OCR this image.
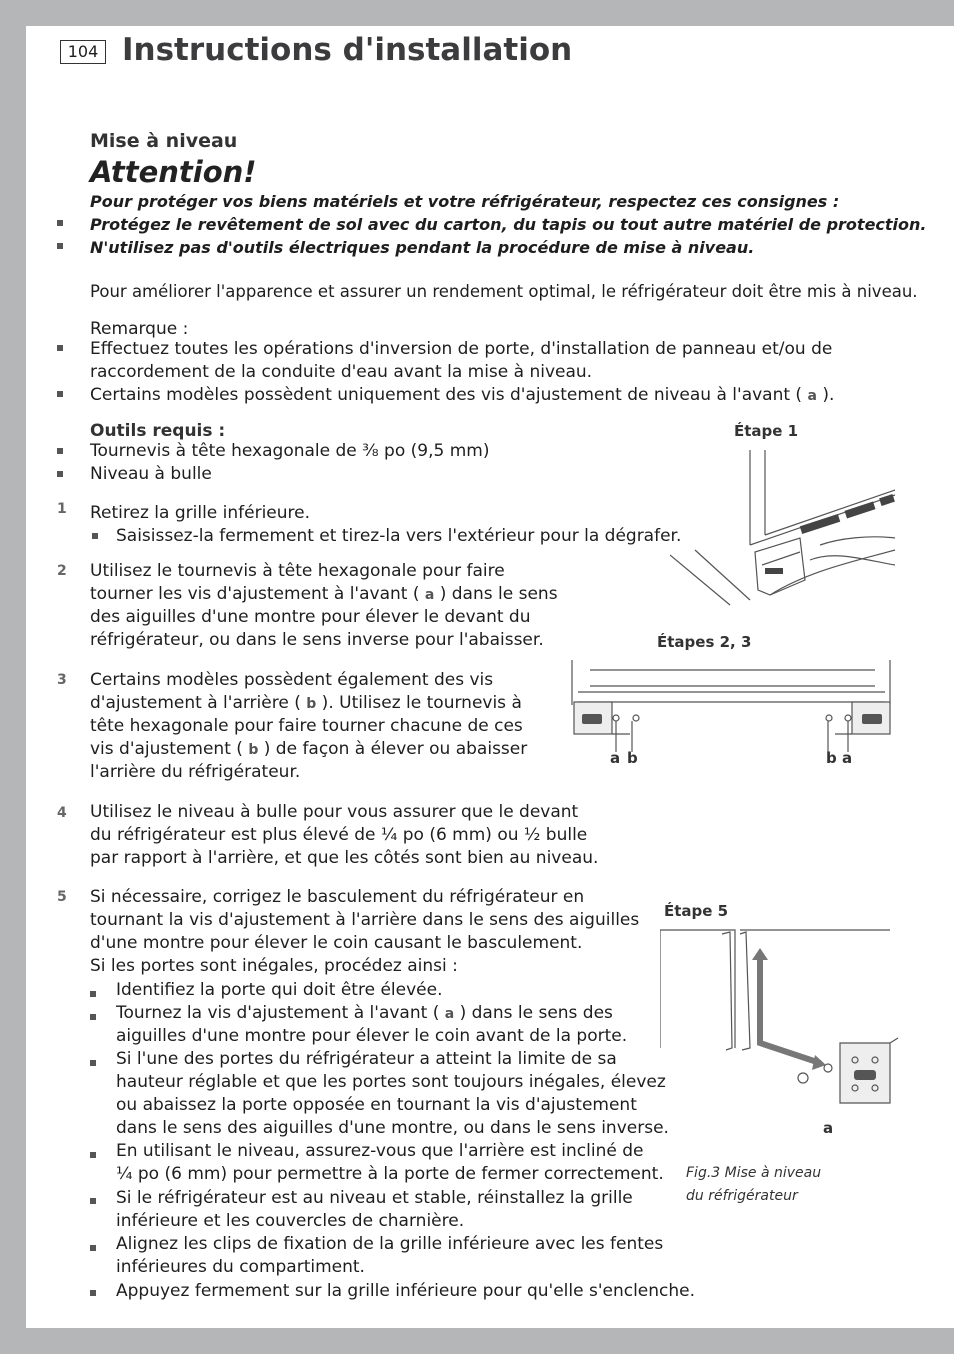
104 Instructions d'installation
Mise à niveau
Attention!
Pour protéger vos biens matériels et votre réfrigérateur, respectez ces consignes :
Protégez le revêtement de sol avec du carton, du tapis ou tout autre matériel de protection.
N'utilisez pas d'outils électriques pendant la procédure de mise à niveau.
Pour améliorer l'apparence et assurer un rendement optimal, le réfrigérateur doit être mis à niveau.
Remarque :
Effectuez toutes les opérations d'inversion de porte, d'installation de panneau et/ou de
raccordement de la conduite d'eau avant la mise à niveau.
Certains modèles possèdent uniquement des vis d'ajustement de niveau à l'avant ( a ).
Outils requis :
Tournevis à tête hexagonale de ⅜ po (9,5 mm)
Niveau à bulle
1 Retirez la grille inférieure.
Saisissez-la fermement et tirez-la vers l'extérieur pour la dégrafer.
2 Utilisez le tournevis à tête hexagonale pour faire
tourner les vis d'ajustement à l'avant ( a ) dans le sens
des aiguilles d'une montre pour élever le devant du
réfrigérateur, ou dans le sens inverse pour l'abaisser.
3 Certains modèles possèdent également des vis
d'ajustement à l'arrière ( b ). Utilisez le tournevis à
tête hexagonale pour faire tourner chacune de ces
vis d'ajustement ( b ) de façon à élever ou abaisser
l'arrière du réfrigérateur.
4 Utilisez le niveau à bulle pour vous assurer que le devant
du réfrigérateur est plus élevé de ¼ po (6 mm) ou ½ bulle
par rapport à l'arrière, et que les côtés sont bien au niveau.
5 Si nécessaire, corrigez le basculement du réfrigérateur en
tournant la vis d'ajustement à l'arrière dans le sens des aiguilles
d'une montre pour élever le coin causant le basculement.
Si les portes sont inégales, procédez ainsi :
Identifiez la porte qui doit être élevée.
Tournez la vis d'ajustement à l'avant ( a ) dans le sens des
aiguilles d'une montre pour élever le coin avant de la porte.
Si l'une des portes du réfrigérateur a atteint la limite de sa
hauteur réglable et que les portes sont toujours inégales, élevez
ou abaissez la porte opposée en tournant la vis d'ajustement
dans le sens des aiguilles d'une montre, ou dans le sens inverse.
En utilisant le niveau, assurez-vous que l'arrière est incliné de
¼ po (6 mm) pour permettre à la porte de fermer correctement.
Si le réfrigérateur est au niveau et stable, réinstallez la grille
inférieure et les couvercles de charnière.
Alignez les clips de fixation de la grille inférieure avec les fentes
inférieures du compartiment.
Appuyez fermement sur la grille inférieure pour qu'elle s'enclenche.
Étape 1
Étapes 2, 3
a b	b a
Étape 5
a
Fig.3 Mise à niveau
du réfrigérateur
